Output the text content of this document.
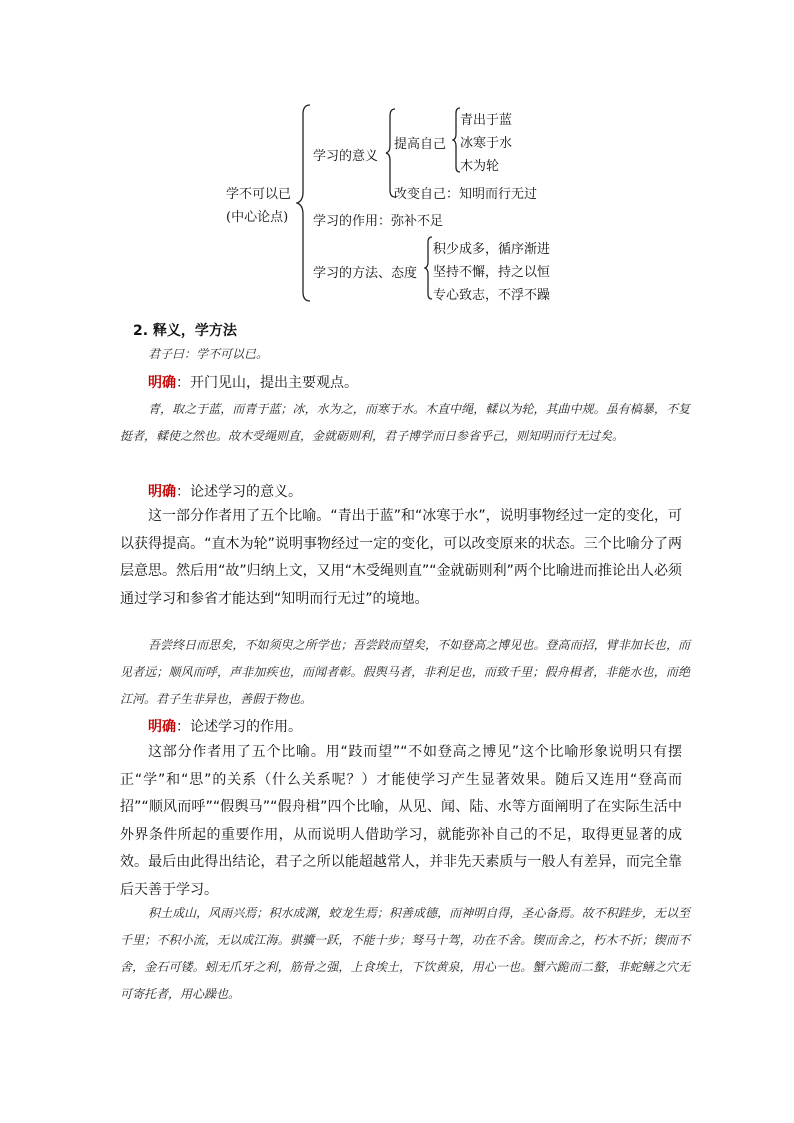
学不可以已
(中心论点)
学习的意义
提高自己
青出于蓝
冰寒于水
木为轮
改变自己：知明而行无过
学习的作用：弥补不足
学习的方法、态度
积少成多，循序渐进
坚持不懈，持之以恒
专心致志，不浮不躁
2. 释义，学方法
君子曰：学不可以已。
明确：开门见山，提出主要观点。
青，取之于蓝，而青于蓝；冰，水为之，而寒于水。木直中绳，輮以为轮，其曲中规。虽有槁暴，不复挺者，輮使之然也。故木受绳则直，金就砺则利，君子博学而日参省乎己，则知明而行无过矣。
明确：论述学习的意义。
这一部分作者用了五个比喻。“青出于蓝”和“冰寒于水”，说明事物经过一定的变化，可以获得提高。“直木为轮”说明事物经过一定的变化，可以改变原来的状态。三个比喻分了两层意思。然后用“故”归纳上文，又用“木受绳则直”“金就砺则利”两个比喻进而推论出人必须通过学习和参省才能达到“知明而行无过”的境地。
吾尝终日而思矣，不如须臾之所学也；吾尝跂而望矣，不如登高之博见也。登高而招，臂非加长也，而见者远；顺风而呼，声非加疾也，而闻者彰。假舆马者，非利足也，而致千里；假舟楫者，非能水也，而绝江河。君子生非异也，善假于物也。
明确：论述学习的作用。
这部分作者用了五个比喻。用“跂而望”“不如登高之博见”这个比喻形象说明只有摆正“学”和“思”的关系（什么关系呢？）才能使学习产生显著效果。随后又连用“登高而招”“顺风而呼”“假舆马”“假舟楫”四个比喻，从见、闻、陆、水等方面阐明了在实际生活中外界条件所起的重要作用，从而说明人借助学习，就能弥补自己的不足，取得更显著的成效。最后由此得出结论，君子之所以能超越常人，并非先天素质与一般人有差异，而完全靠后天善于学习。
积土成山，风雨兴焉；积水成渊，蛟龙生焉；积善成德，而神明自得，圣心备焉。故不积跬步，无以至千里；不积小流，无以成江海。骐骥一跃，不能十步；驽马十驾，功在不舍。锲而舍之，朽木不折；锲而不舍，金石可镂。蚓无爪牙之利，筋骨之强，上食埃土，下饮黄泉，用心一也。蟹六跪而二螯，非蛇鳝之穴无可寄托者，用心躁也。
